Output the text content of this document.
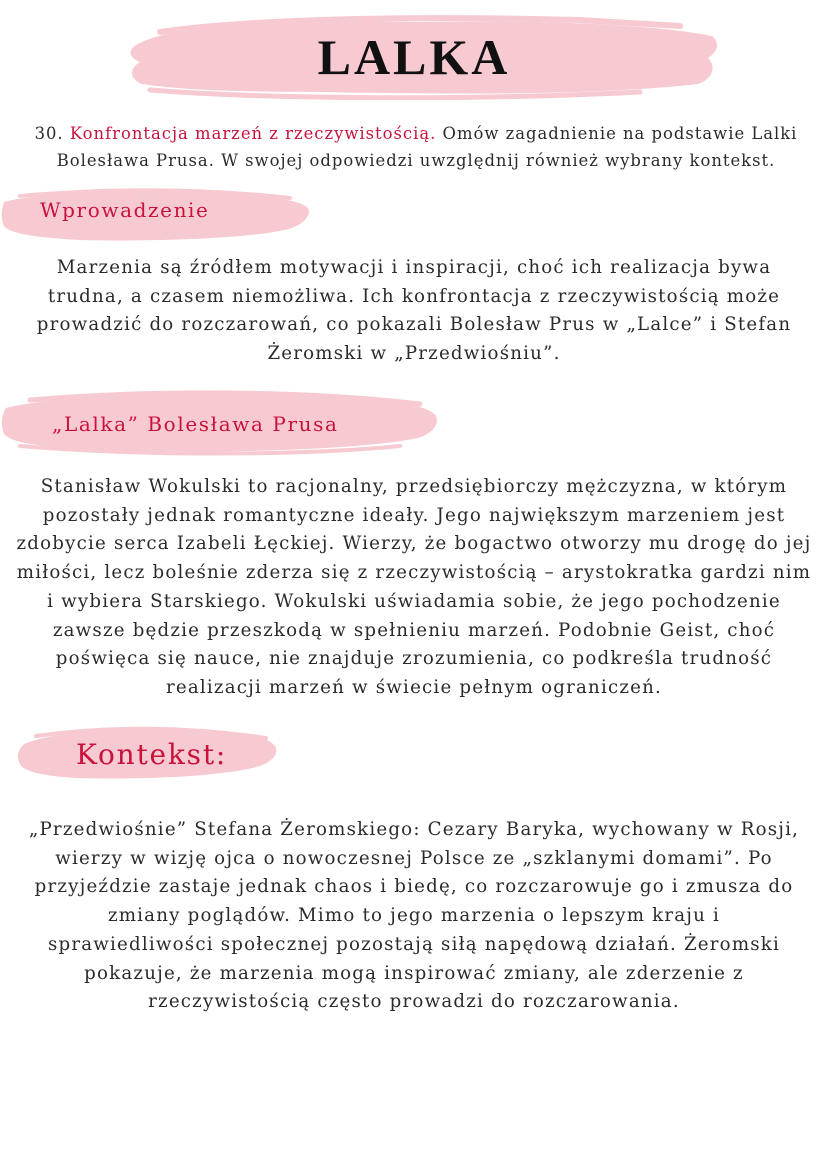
LALKA
30. Konfrontacja marzeń z rzeczywistością. Omów zagadnienie na podstawie Lalki Bolesława Prusa. W swojej odpowiedzi uwzględnij również wybrany kontekst.
Wprowadzenie
Marzenia są źródłem motywacji i inspiracji, choć ich realizacja bywa trudna, a czasem niemożliwa. Ich konfrontacja z rzeczywistością może prowadzić do rozczarowań, co pokazali Bolesław Prus w „Lalce” i Stefan Żeromski w „Przedwiośniu”.
„Lalka” Bolesława Prusa
Stanisław Wokulski to racjonalny, przedsiębiorczy mężczyzna, w którym pozostały jednak romantyczne ideały. Jego największym marzeniem jest zdobycie serca Izabeli Łęckiej. Wierzy, że bogactwo otworzy mu drogę do jej miłości, lecz boleśnie zderza się z rzeczywistością – arystokratka gardzi nim i wybiera Starskiego. Wokulski uświadamia sobie, że jego pochodzenie zawsze będzie przeszkodą w spełnieniu marzeń. Podobnie Geist, choć poświęca się nauce, nie znajduje zrozumienia, co podkreśla trudność realizacji marzeń w świecie pełnym ograniczeń.
Kontekst:
„Przedwiośnie” Stefana Żeromskiego: Cezary Baryka, wychowany w Rosji, wierzy w wizję ojca o nowoczesnej Polsce ze „szklanymi domami”. Po przyjeździe zastaje jednak chaos i biedę, co rozczarowuje go i zmusza do zmiany poglądów. Mimo to jego marzenia o lepszym kraju i sprawiedliwości społecznej pozostają siłą napędową działań. Żeromski pokazuje, że marzenia mogą inspirować zmiany, ale zderzenie z rzeczywistością często prowadzi do rozczarowania.
